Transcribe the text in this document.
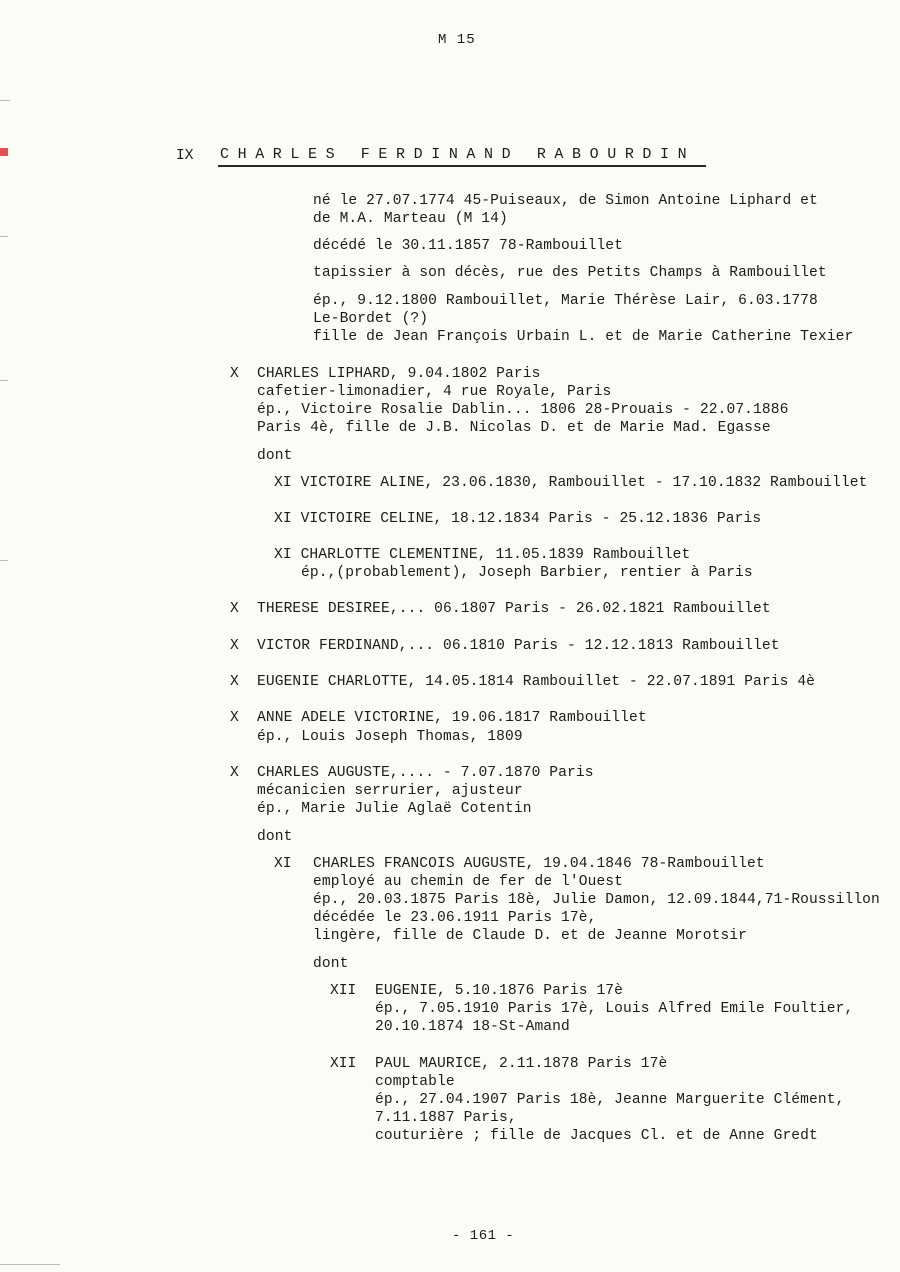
M 15
IX CHARLES FERDINAND RABOURDIN
né le 27.07.1774 45-Puiseaux, de Simon Antoine Liphard et
de M.A. Marteau (M 14)
décédé le 30.11.1857 78-Rambouillet
tapissier à son décès, rue des Petits Champs à Rambouillet
ép., 9.12.1800 Rambouillet, Marie Thérèse Lair, 6.03.1778
Le-Bordet (?)
fille de Jean François Urbain L. et de Marie Catherine Texier
X CHARLES LIPHARD, 9.04.1802 Paris
cafetier-limonadier, 4 rue Royale, Paris
ép., Victoire Rosalie Dablin... 1806 28-Prouais - 22.07.1886
Paris 4è, fille de J.B. Nicolas D. et de Marie Mad. Egasse
dont
XI VICTOIRE ALINE, 23.06.1830, Rambouillet - 17.10.1832 Rambouillet
XI VICTOIRE CELINE, 18.12.1834 Paris - 25.12.1836 Paris
XI CHARLOTTE CLEMENTINE, 11.05.1839 Rambouillet
ép.,(probablement), Joseph Barbier, rentier à Paris
X THERESE DESIREE,... 06.1807 Paris - 26.02.1821 Rambouillet
X VICTOR FERDINAND,... 06.1810 Paris - 12.12.1813 Rambouillet
X EUGENIE CHARLOTTE, 14.05.1814 Rambouillet - 22.07.1891 Paris 4è
X ANNE ADELE VICTORINE, 19.06.1817 Rambouillet
ép., Louis Joseph Thomas, 1809
X CHARLES AUGUSTE,.... - 7.07.1870 Paris
mécanicien serrurier, ajusteur
ép., Marie Julie Aglaë Cotentin
dont
XI CHARLES FRANCOIS AUGUSTE, 19.04.1846 78-Rambouillet
employé au chemin de fer de l'Ouest
ép., 20.03.1875 Paris 18è, Julie Damon, 12.09.1844,71-Roussillon
décédée le 23.06.1911 Paris 17è,
lingère, fille de Claude D. et de Jeanne Morotsir
dont
XII EUGENIE, 5.10.1876 Paris 17è
ép., 7.05.1910 Paris 17è, Louis Alfred Emile Foultier,
20.10.1874 18-St-Amand
XII PAUL MAURICE, 2.11.1878 Paris 17è
comptable
ép., 27.04.1907 Paris 18è, Jeanne Marguerite Clément,
7.11.1887 Paris,
couturière ; fille de Jacques Cl. et de Anne Gredt
- 161 -
